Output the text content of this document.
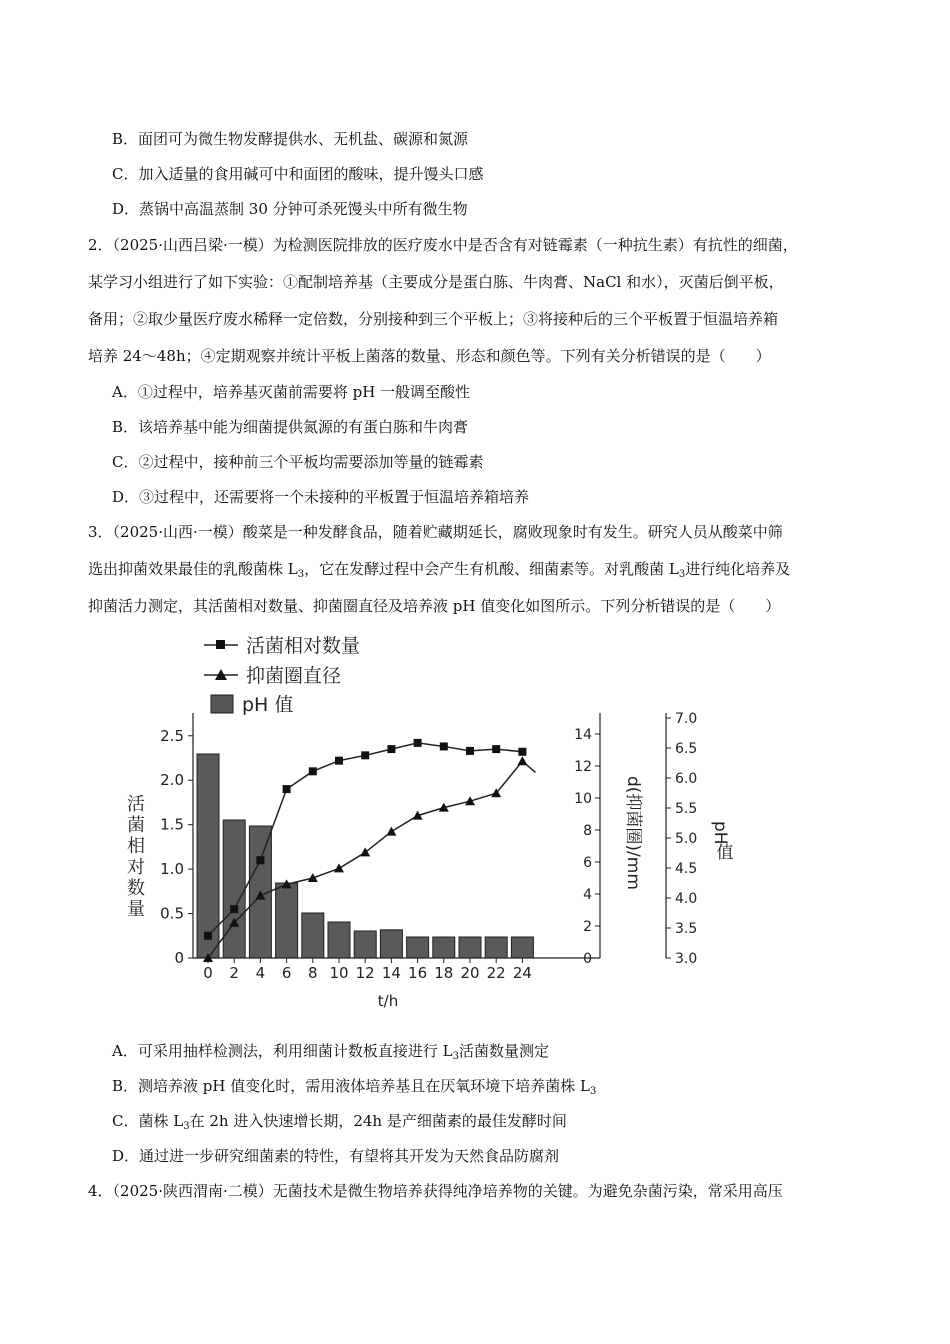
B．面团可为微生物发酵提供水、无机盐、碳源和氮源
C．加入适量的食用碱可中和面团的酸味，提升馒头口感
D．蒸锅中高温蒸制 30 分钟可杀死馒头中所有微生物
2．（2025·山西吕梁·一模）为检测医院排放的医疗废水中是否含有对链霉素（一种抗生素）有抗性的细菌，
某学习小组进行了如下实验：①配制培养基（主要成分是蛋白胨、牛肉膏、NaCl 和水），灭菌后倒平板，
备用；②取少量医疗废水稀释一定倍数，分别接种到三个平板上；③将接种后的三个平板置于恒温培养箱
培养 24～48h；④定期观察并统计平板上菌落的数量、形态和颜色等。下列有关分析错误的是（　　）
A．①过程中，培养基灭菌前需要将 pH 一般调至酸性
B．该培养基中能为细菌提供氮源的有蛋白胨和牛肉膏
C．②过程中，接种前三个平板均需要添加等量的链霉素
D．③过程中，还需要将一个未接种的平板置于恒温培养箱培养
3．（2025·山西·一模）酸菜是一种发酵食品，随着贮藏期延长，腐败现象时有发生。研究人员从酸菜中筛
选出抑菌效果最佳的乳酸菌株 $L_3$，它在发酵过程中会产生有机酸、细菌素等。对乳酸菌 $L_3$进行纯化培养及
抑菌活力测定，其活菌相对数量、抑菌圈直径及培养液 pH 值变化如图所示。下列分析错误的是（　　）
活菌相对数量
抑菌圈直径
pH 值
0
0.5
1.0
1.5
2.0
2.5
0
2
4
6
8
10
12
14
3.0
3.5
4.0
4.5
5.0
5.5
6.0
6.5
7.0
0 2 4 6 8 10 12 14 16 18 20 22 24
活
菌
相
对
数
量
d(抑菌圈)/mm	pH
值
t/h
A．可采用抽样检测法，利用细菌计数板直接进行 $L_3$活菌数量测定
B．测培养液 pH 值变化时，需用液体培养基且在厌氧环境下培养菌株 $L_3$
C．菌株 $L_3$在 2h 进入快速增长期，24h 是产细菌素的最佳发酵时间
D．通过进一步研究细菌素的特性，有望将其开发为天然食品防腐剂
4．（2025·陕西渭南·二模）无菌技术是微生物培养获得纯净培养物的关键。为避免杂菌污染，常采用高压
